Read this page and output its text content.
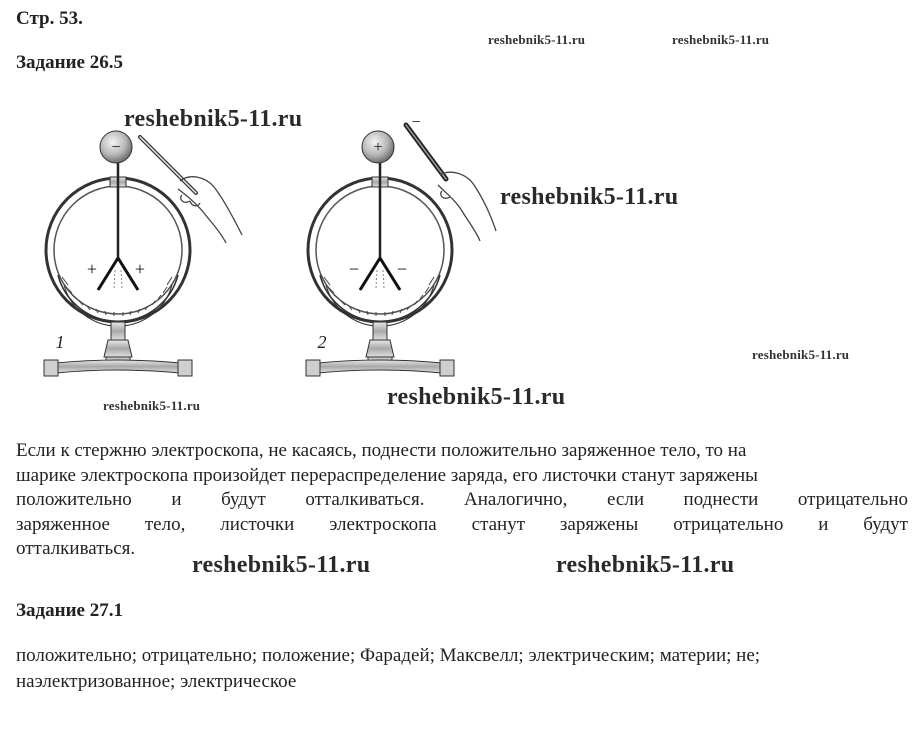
Стр. 53.
Задание 26.5
reshebnik5-11.ru	reshebnik5-11.ru
−	+
+ +	− −
−
1	2
reshebnik5-11.ru
reshebnik5-11.ru
reshebnik5-11.ru
reshebnik5-11.ru	reshebnik5-11.ru
Если к стержню электроскопа, не касаясь, поднести положительно заряженное тело, то на
шарике электроскопа произойдет перераспределение заряда, его листочки станут заряжены
положительно и будут отталкиваться. Аналогично, если поднести отрицательно
заряженное тело, листочки электроскопа станут заряжены отрицательно и будут
отталкиваться.
reshebnik5-11.ru	reshebnik5-11.ru
Задание 27.1
положительно; отрицательно; положение; Фарадей; Максвелл; электрическим; материи; не;
наэлектризованное; электрическое
